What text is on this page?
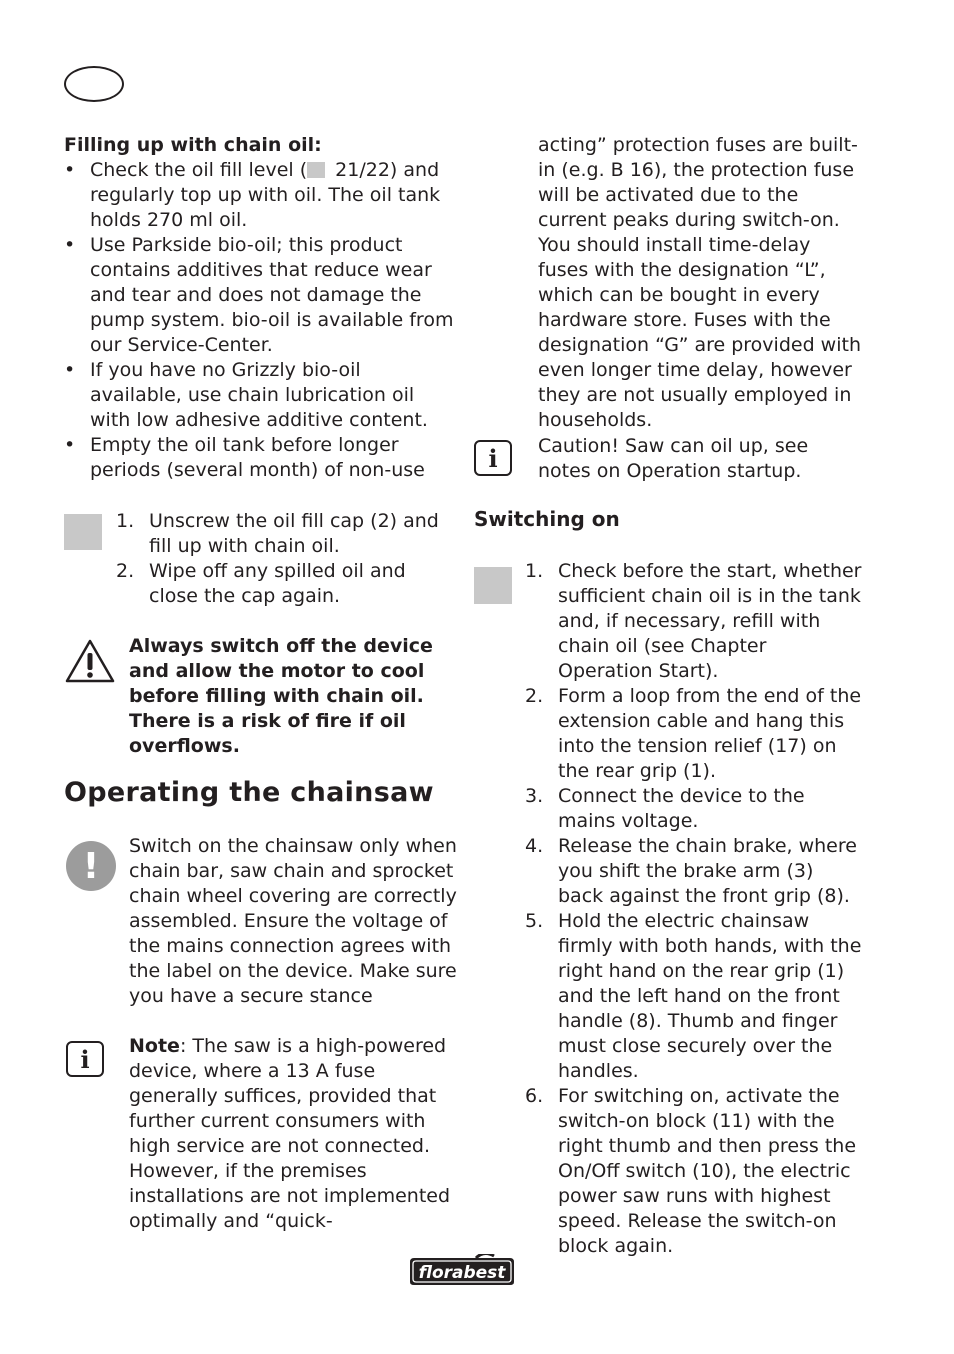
Filling up with chain oil:
• Check the oil fill level ( 21/22) and regularly top up with oil. The oil tank holds 270 ml oil.
• Use Parkside bio-oil; this product contains additives that reduce wear and tear and does not damage the pump system. bio-oil is available from our Service-Center.
• If you have no Grizzly bio-oil available, use chain lubrication oil with low adhesive additive content.
• Empty the oil tank before longer periods (several month) of non-use
1. Unscrew the oil fill cap (2) and fill up with chain oil.
2. Wipe off any spilled oil and close the cap again.
Always switch off the device and allow the motor to cool before filling with chain oil. There is a risk of fire if oil overflows.
Operating the chainsaw
!	Switch on the chainsaw only when chain bar, saw chain and sprocket chain wheel covering are correctly assembled. Ensure the voltage of the mains connection agrees with the label on the device. Make sure you have a secure stance
i	Note: The saw is a high-powered device, where a 13 A fuse generally suffices, provided that further current consumers with high service are not connected. However, if the premises installations are not implemented optimally and “quick-
acting” protection fuses are built-in (e.g. B 16), the protection fuse will be activated due to the current peaks during switch-on. You should install time-delay fuses with the designation “L”, which can be bought in every hardware store. Fuses with the designation “G” are provided with even longer time delay, however they are not usually employed in households.
i	Caution! Saw can oil up, see notes on Operation startup.
Switching on
1. Check before the start, whether sufficient chain oil is in the tank and, if necessary, refill with chain oil (see Chapter Operation Start).
2. Form a loop from the end of the extension cable and hang this into the tension relief (17) on the rear grip (1).
3. Connect the device to the mains voltage.
4. Release the chain brake, where you shift the brake arm (3) back against the front grip (8).
5. Hold the electric chainsaw firmly with both hands, with the right hand on the rear grip (1) and the left hand on the front handle (8). Thumb and finger must close securely over the handles.
6. For switching on, activate the switch-on block (11) with the right thumb and then press the On/Off switch (10), the electric power saw runs with highest speed. Release the switch-on block again.
florabest
